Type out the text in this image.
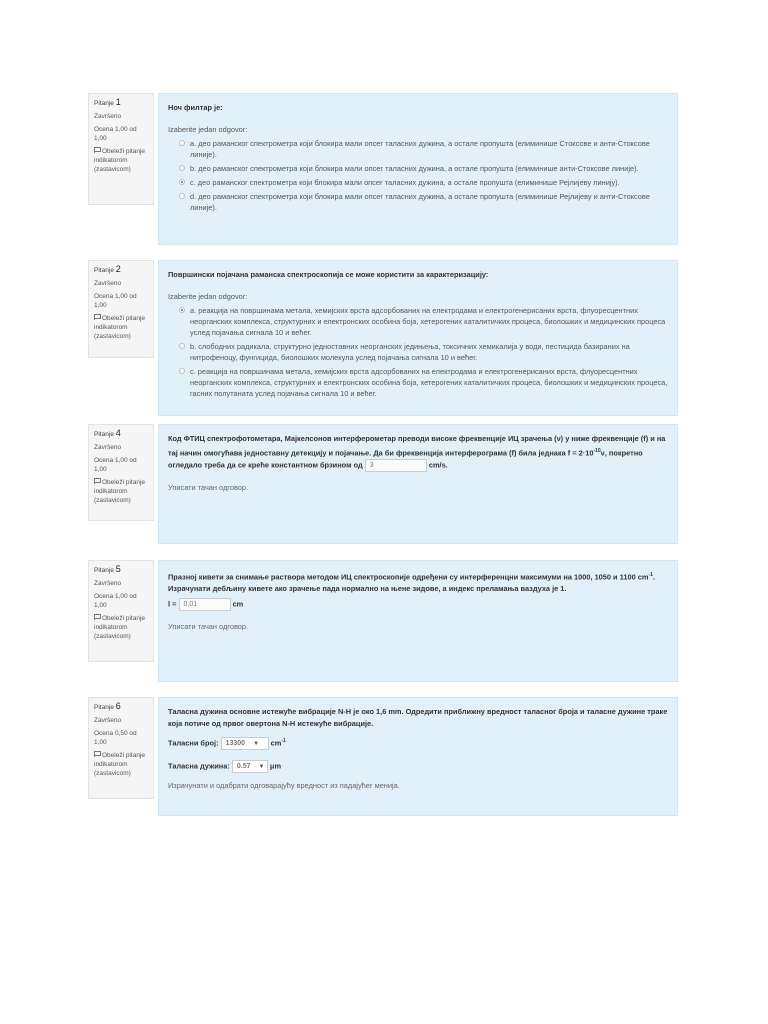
Pitanje 1
Završeno
Ocena 1,00 od 1,00
Obeleži pitanje indikatorom (zastavicom)
Ноч филтар је:
Izaberite jedan odgovor:
a. део раманског спектрометра који блокира мали опсег таласних дужина, а остале пропушта (елиминише Стоксове и анти-Стоксове линије).
b. део раманског спектрометра који блокира мали опсег таласних дужина, а остале пропушта (елиминише анти-Стоксове линије).
c. део раманског спектрометра који блокира мали опсег таласних дужина, а остале пропушта (елиминише Рејлијеву линију).
d. део раманског спектрометра који блокира мали опсег таласних дужина, а остале пропушта (елиминише Рејлијеву и анти-Стоксове линије).
Pitanje 2
Završeno
Ocena 1,00 od 1,00
Obeleži pitanje indikatorom (zastavicom)
Површински појачана раманска спектроскопија се може користити за карактеризацију:
Izaberite jedan odgovor:
a. реакција на површинама метала, хемијских врста адсорбованих на електродама и електрогенерисаних врста, флуоресцентних неорганских комплекса, структурних и електронских особина боја, хетерогених каталитичких процеса, биолошких и медицинских процеса услед појачања сигнала 10 и већег.
b. слободних радикала, структурно једноставних неорганских једињења, токсичних хемикалија у води, пестицида базираних на нитрофеноцу, фунгицида, биолошких молекула услед појачања сигнала 10 и већег.
c. реакција на површинама метала, хемијских врста адсорбованих на електродама и електрогенерисаних врста, флуоресцентних неорганских комплекса, структурних и електронских особина боја, хетерогених каталитичких процеса, биолошких и медицинских процеса, гасних полутаната услед појачања сигнала 10 и већег.
Pitanje 4
Završeno
Ocena 1,00 od 1,00
Obeleži pitanje indikatorom (zastavicom)
Код ФТИЦ спектрофотометара, Мајкелсонов интерферометар преводи високе фреквенције ИЦ зрачења (ν) у ниже фреквенције (f) и на тај начин омогућава једноставну детекцију и појачање. Да би фреквенција интерферограма (f) била једнака $f = 2\cdot 10^{-10}\nu$, покретно огледало треба да се креће константном брзином од 3	cm/s.
Уписати тачан одговор.
Pitanje 5
Završeno
Ocena 1,00 od 1,00
Obeleži pitanje indikatorom (zastavicom)
Празној кивети за снимање раствора методом ИЦ спектроскопије одређени су интерференцни максимуми на 1000, 1050 и 1100 $cm^{-1}$. Израчунати дебљину кивете ако зрачење пада нормално на њене зидове, а индекс преламања ваздуха је 1.
l = 0,01	cm
Уписати тачан одговор.
Pitanje 6
Završeno
Ocena 0,50 od 1,00
Obeleži pitanje indikatorom (zastavicom)
Таласна дужина основне истежуће вибрације N-H је око 1,6 mm. Одредити приближну вредност таласног броја и таласне дужине траке која потиче од првог овертона N-H истежуће вибрације.
Таласни број: 13300 ▼ $cm^{-1}$
Таласна дужина: 0.57 ▼ μm
Израчунати и одабрати одговарајућу вредност из падајућег менија.
